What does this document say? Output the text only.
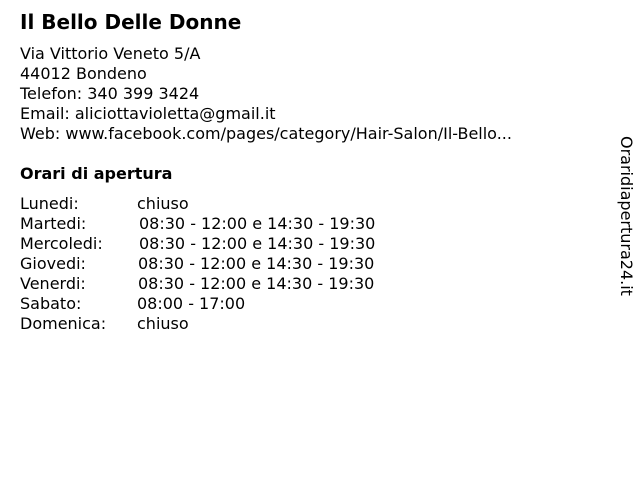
Il Bello Delle Donne
Via Vittorio Veneto 5/A
44012 Bondeno
Telefon: 340 399 3424
Email: aliciottavioletta@gmail.it
Web: www.facebook.com/pages/category/Hair-Salon/Il-Bello...
Orari di apertura
Lunedi:	chiuso
Martedi:	08:30 - 12:00 e 14:30 - 19:30
Mercoledi: 08:30 - 12:00 e 14:30 - 19:30
Giovedi:	08:30 - 12:00 e 14:30 - 19:30
Venerdi:	08:30 - 12:00 e 14:30 - 19:30
Sabato:	08:00 - 17:00
Domenica: chiuso
Oraridiapertura24.it
